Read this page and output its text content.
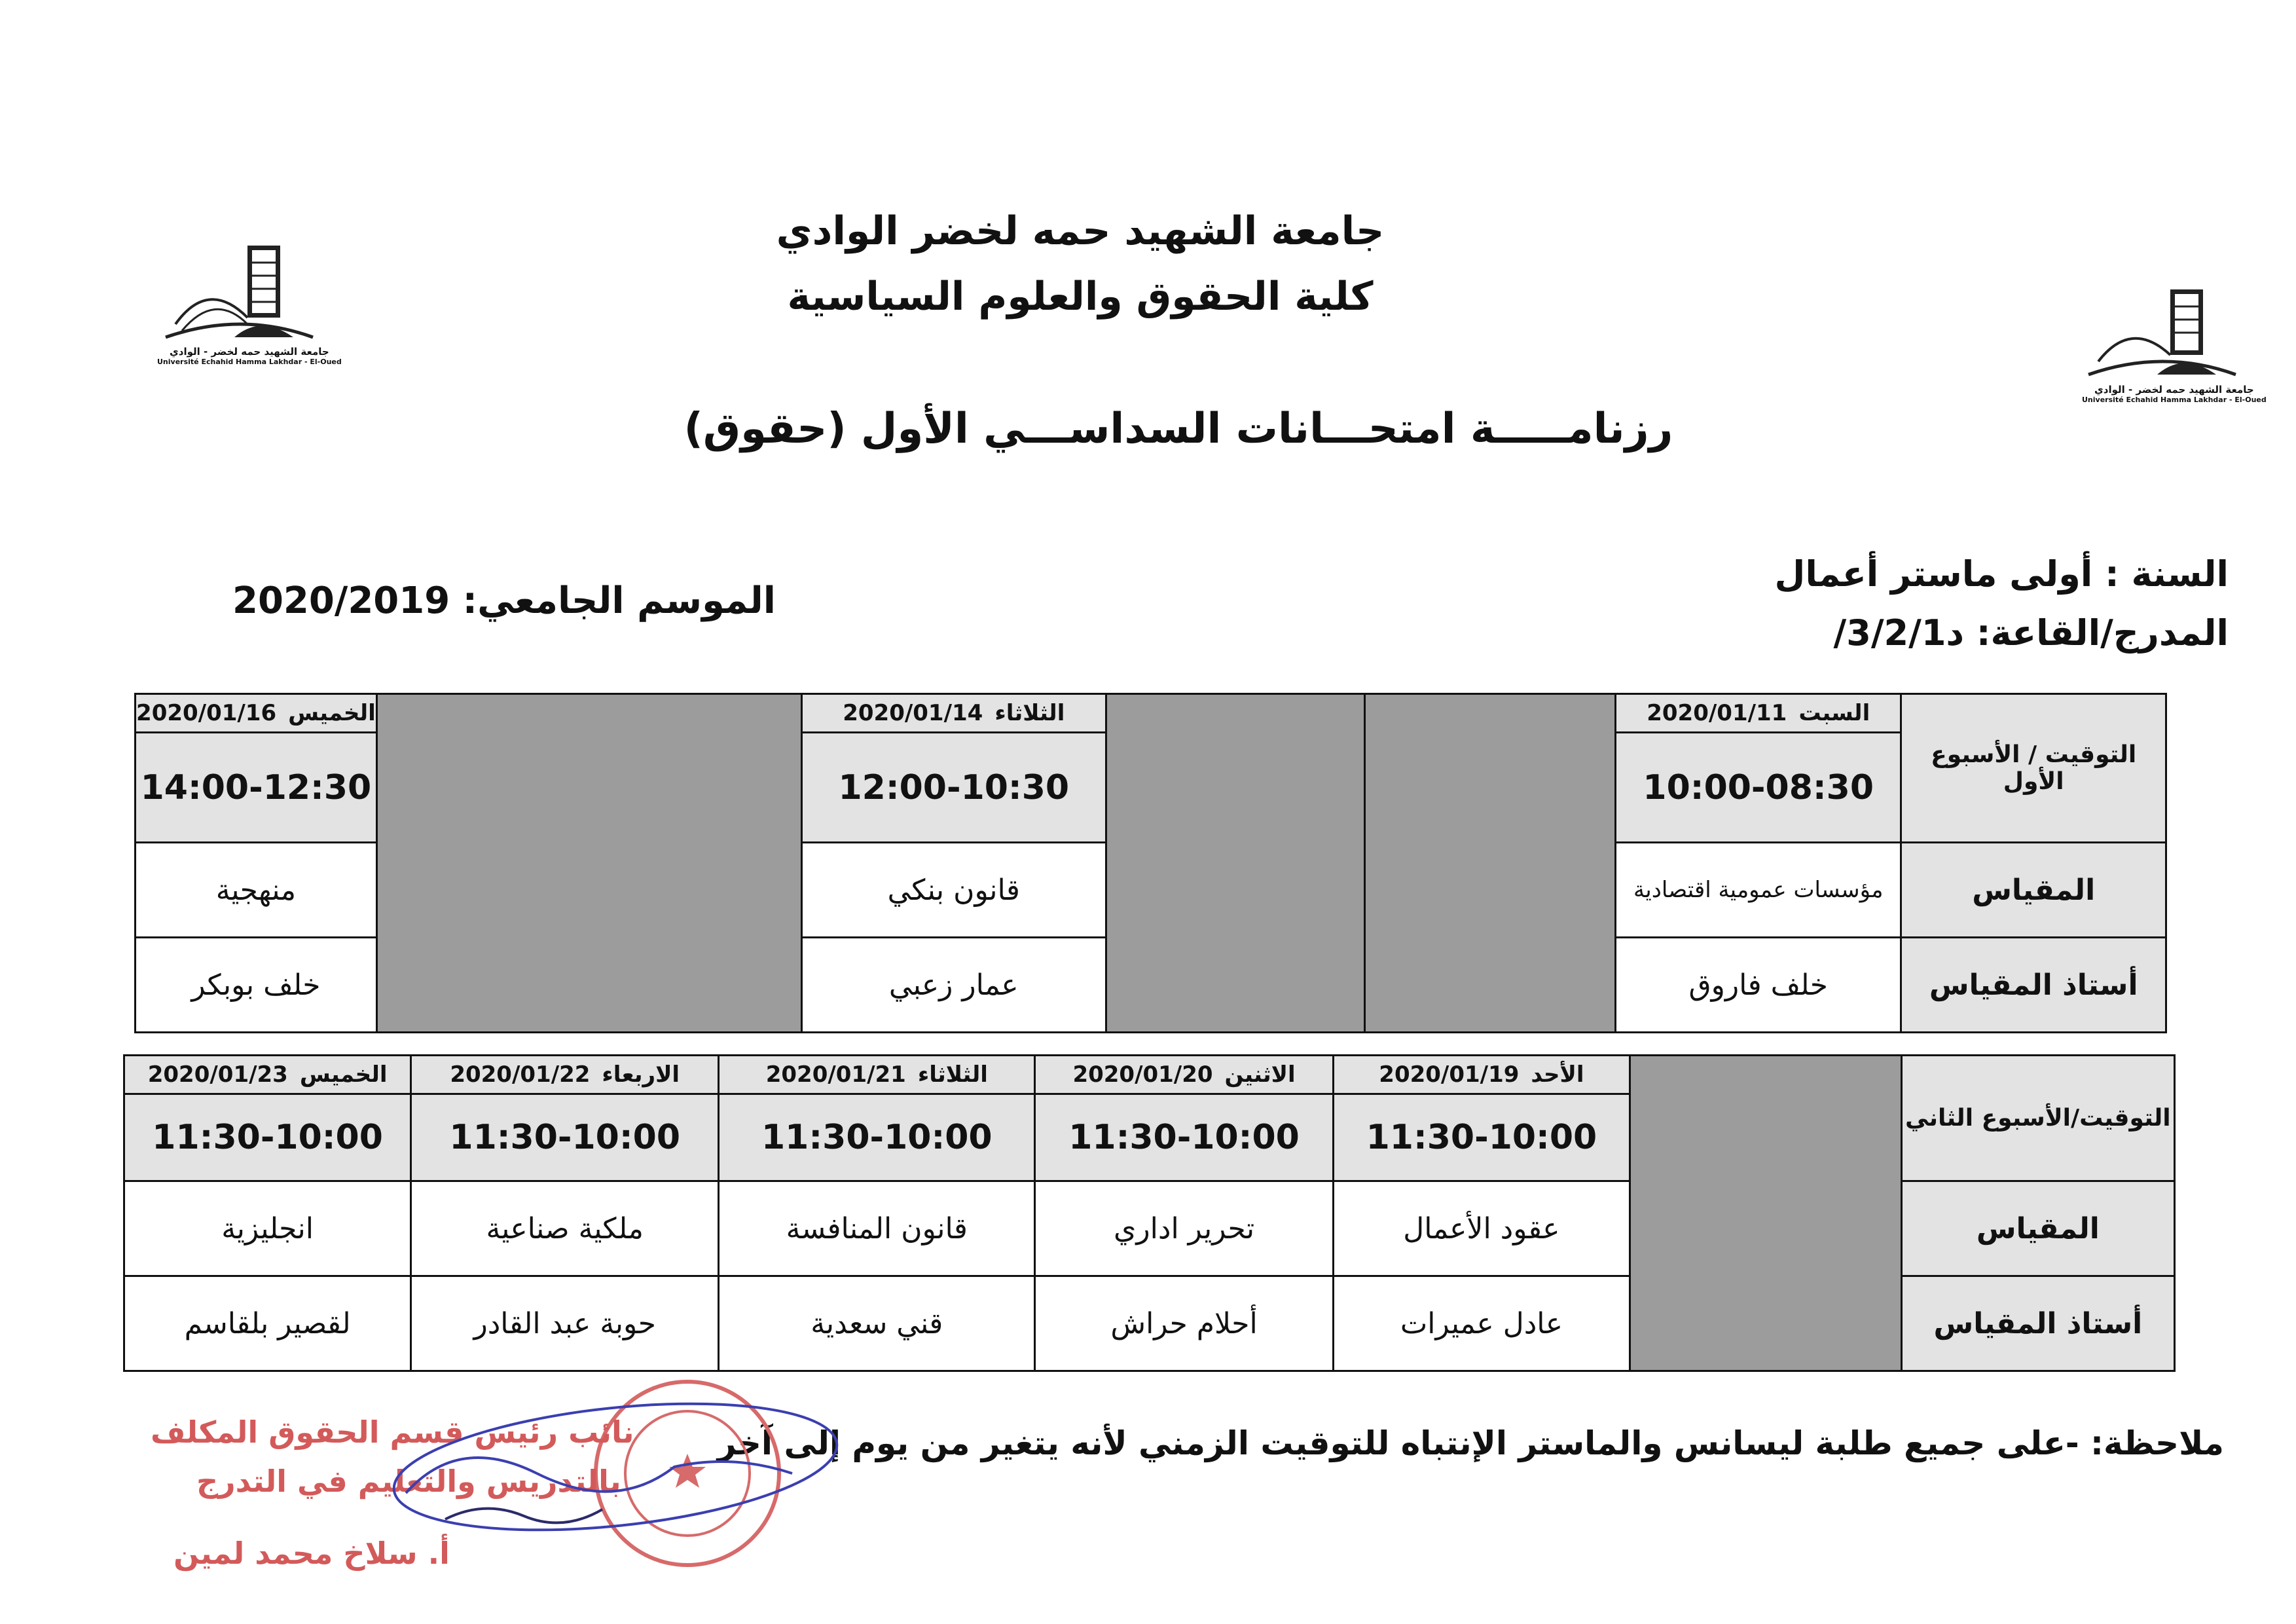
جامعة الشهيد حمه لخضر - الوادي
Université Echahid Hamma Lakhdar - El-Oued
جامعة الشهيد حمه لخضر - الوادي
Université Echahid Hamma Lakhdar - El-Oued
جامعة الشهيد حمه لخضر الوادي
كلية الحقوق والعلوم السياسية
رزنامـــــة امتحـــانات السداســـي الأول (حقوق)
السنة : أولى ماستر أعمال
المدرج/القاعة: د3/2/1/
الموسم الجامعي: 2020/2019
التوقيت / الأسبوع الأول	السبت2020/01/11			الثلاثاء2020/01/14		الخميس2020/01/16
	10:00-08:30			12:00-10:30		14:00-12:30
المقياس	مؤسسات عمومية اقتصادية			قانون بنكي		منهجية
أستاذ المقياس	خلف فاروق			عمار زعبي		خلف بوبكر
التوقيت/الأسبوع الثاني		الأحد2020/01/19	الاثنين2020/01/20	الثلاثاء2020/01/21	الاربعاء2020/01/22	الخميس2020/01/23
		11:30-10:00	11:30-10:00	11:30-10:00	11:30-10:00	11:30-10:00
المقياس		عقود الأعمال	تحرير اداري	قانون المنافسة	ملكية صناعية	انجليزية
أستاذ المقياس		عادل عميرات	أحلام حراش	قني سعدية	حوبة عبد القادر	لقصير بلقاسم
ملاحظة: -على جميع طلبة ليسانس والماستر الإنتباه للتوقيت الزمني لأنه يتغير من يوم إلى آخر
نائب رئيس قسم الحقوق المكلف
بالتدريس والتعليم في التدرج
أ. سلاخ محمد لمين
